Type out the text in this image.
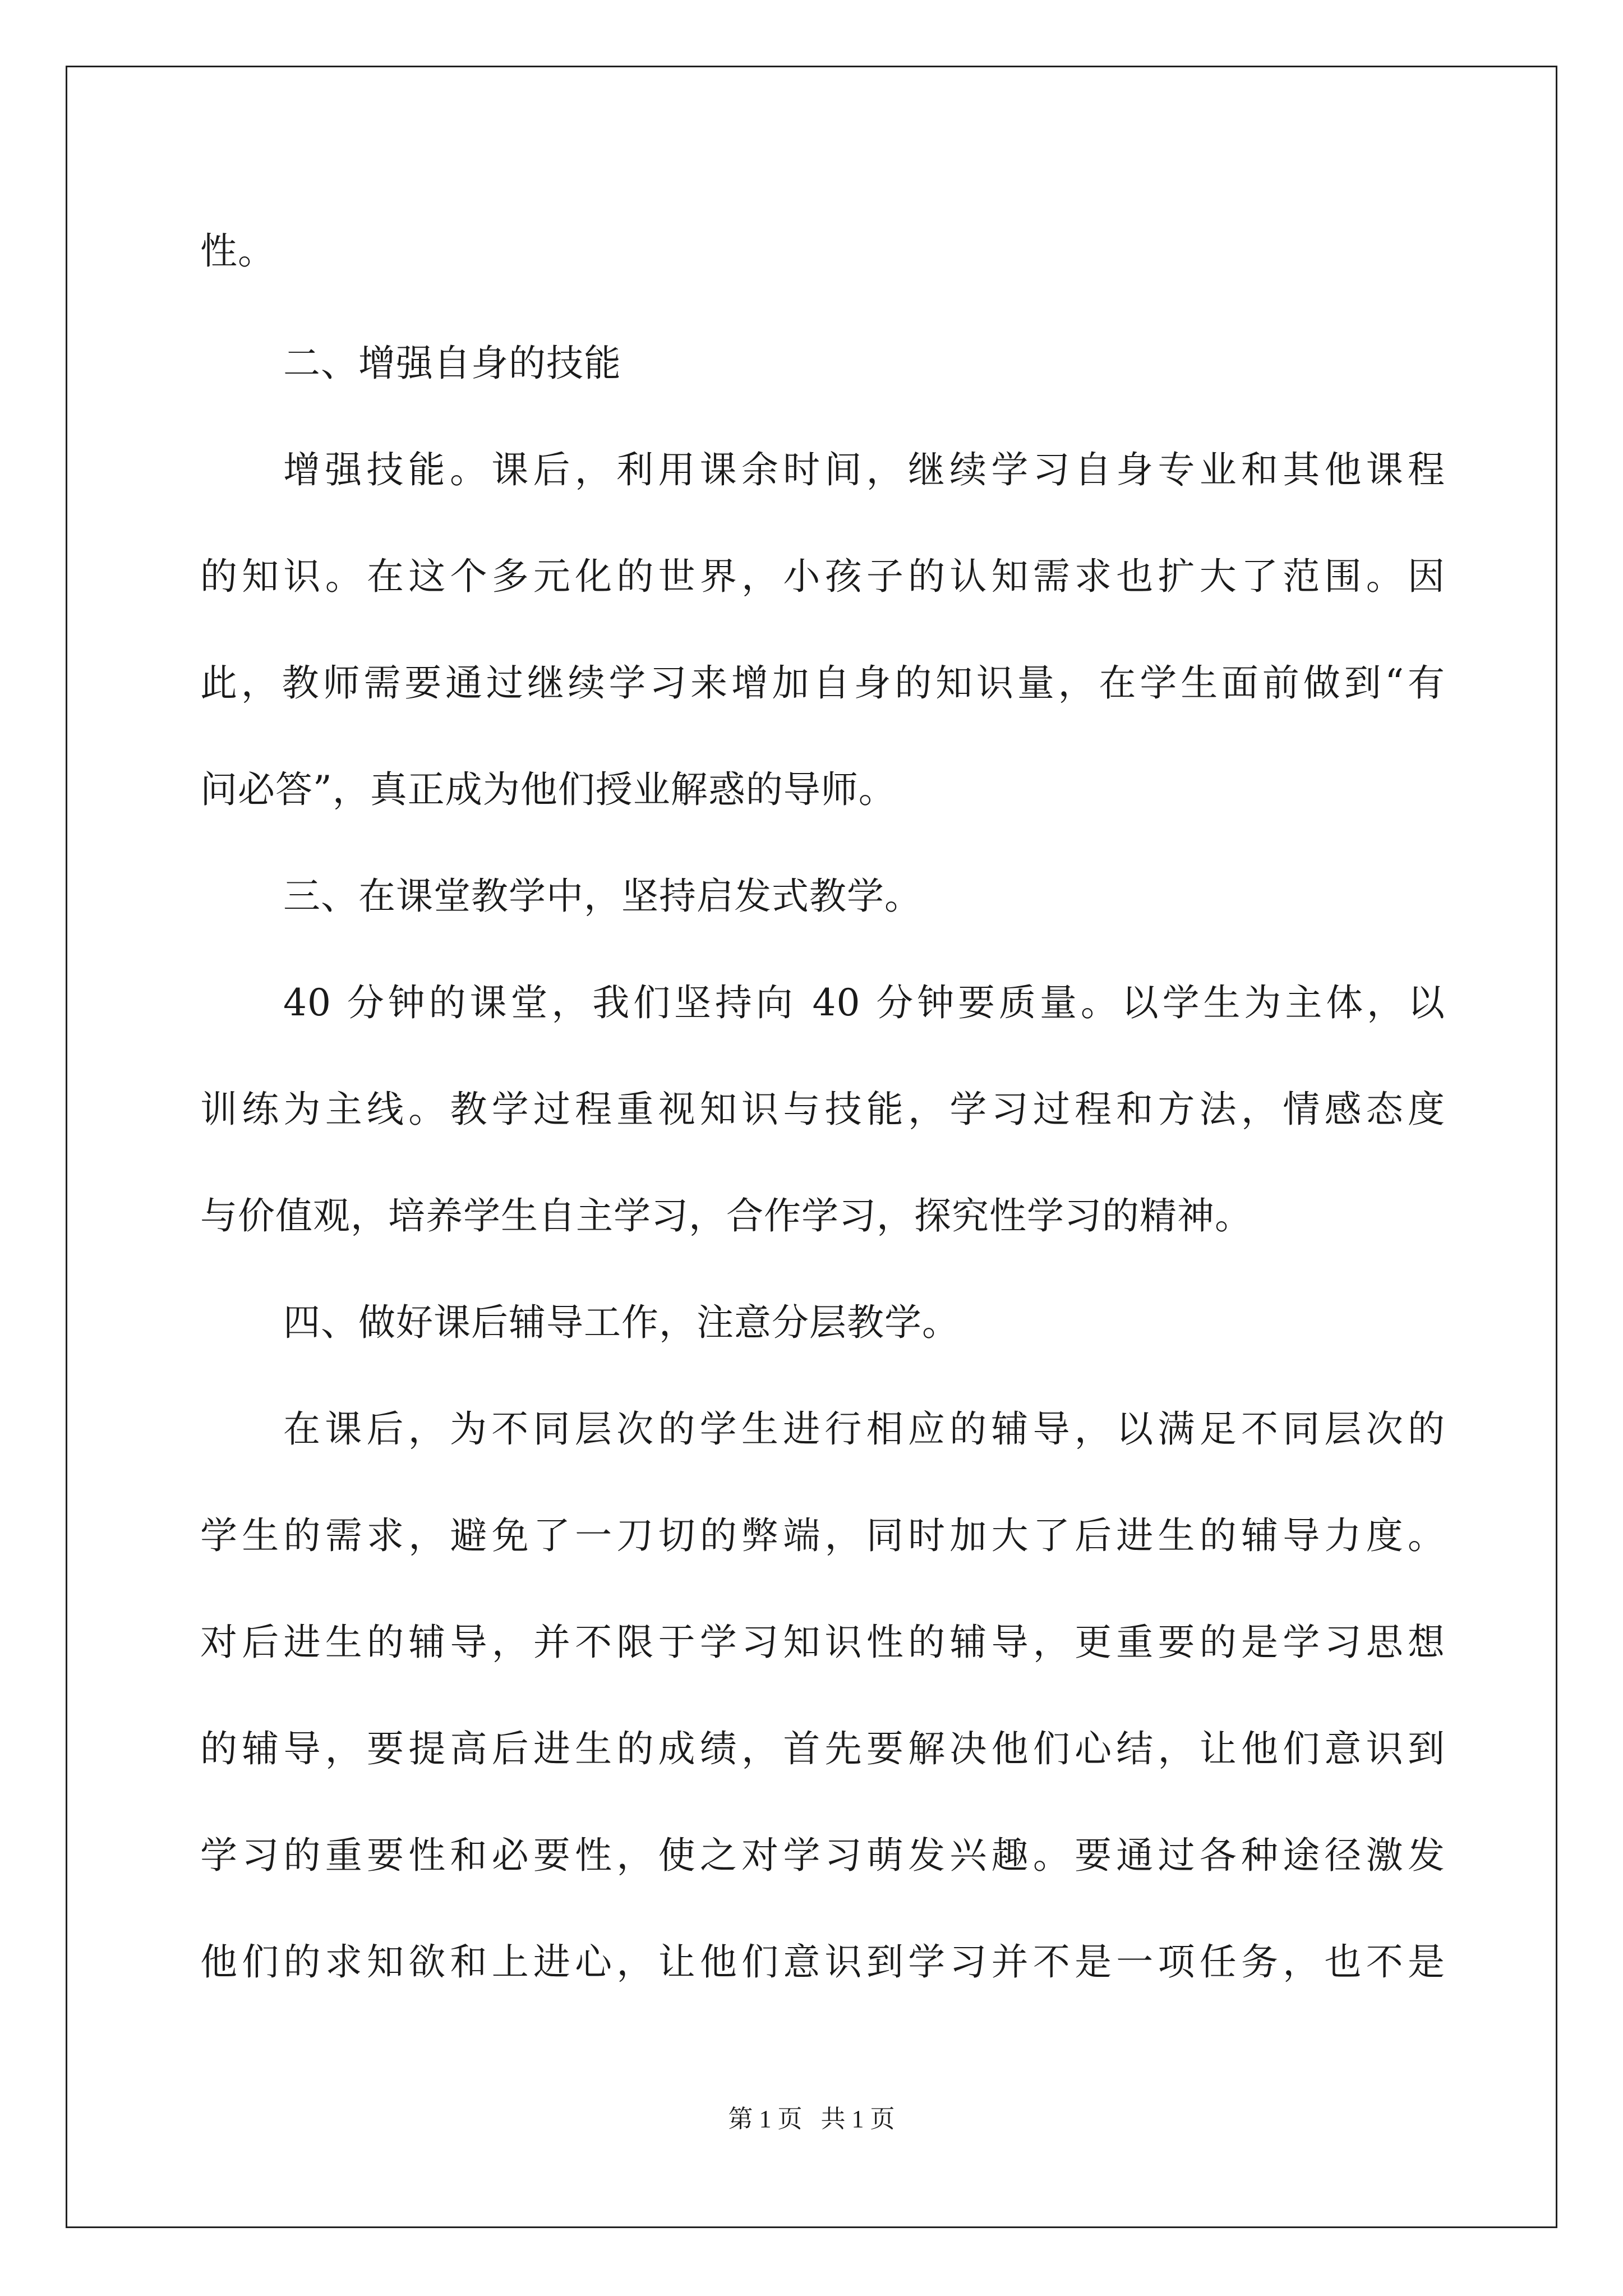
性。
二、增强自身的技能
增强技能。课后，利用课余时间，继续学习自身专业和其他课程
的知识。在这个多元化的世界，小孩子的认知需求也扩大了范围。因
此，教师需要通过继续学习来增加自身的知识量，在学生面前做到“有
问必答”，真正成为他们授业解惑的导师。
三、在课堂教学中，坚持启发式教学。
40 分钟的课堂，我们坚持向 40 分钟要质量。以学生为主体，以
训练为主线。教学过程重视知识与技能，学习过程和方法，情感态度
与价值观，培养学生自主学习，合作学习，探究性学习的精神。
四、做好课后辅导工作，注意分层教学。
在课后，为不同层次的学生进行相应的辅导，以满足不同层次的
学生的需求，避免了一刀切的弊端，同时加大了后进生的辅导力度。
对后进生的辅导，并不限于学习知识性的辅导，更重要的是学习思想
的辅导，要提高后进生的成绩，首先要解决他们心结，让他们意识到
学习的重要性和必要性，使之对学习萌发兴趣。要通过各种途径激发
他们的求知欲和上进心，让他们意识到学习并不是一项任务，也不是
第 1 页   共 1 页
